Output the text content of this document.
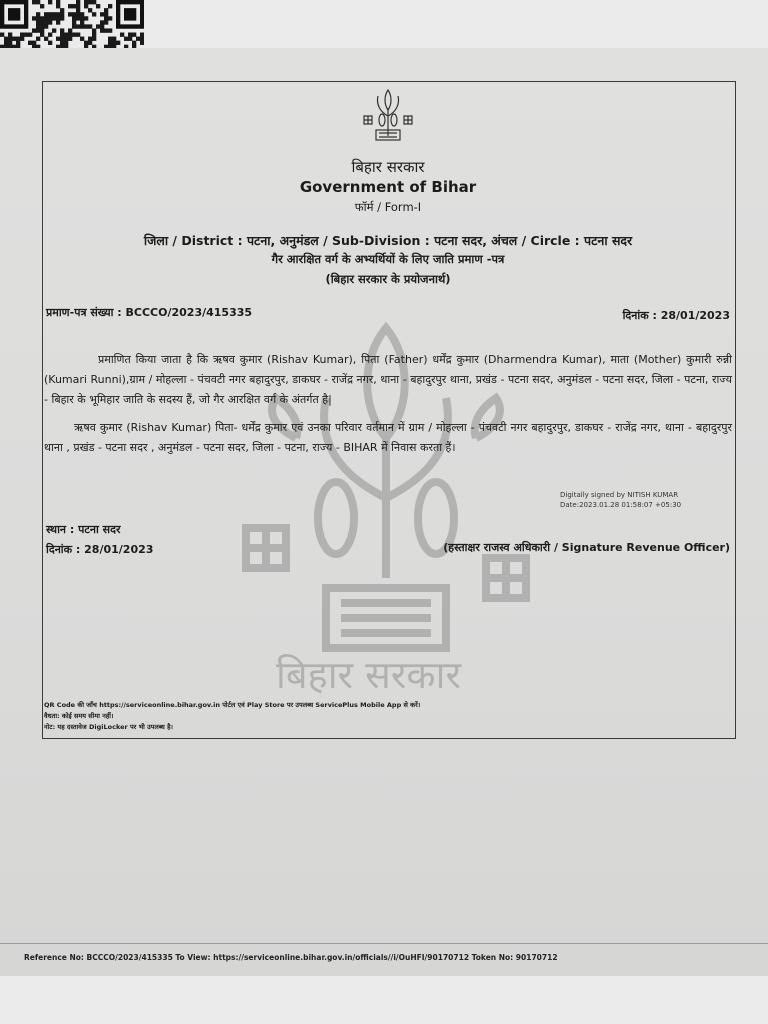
बिहार सरकार
बिहार सरकार
Government of Bihar
फॉर्म / Form-I
जिला / District : पटना, अनुमंडल / Sub-Division : पटना सदर, अंचल / Circle : पटना सदर
गैर आरक्षित वर्ग के अभ्यर्थियों के लिए जाति प्रमाण -पत्र
(बिहार सरकार के प्रयोजनार्थ)
प्रमाण-पत्र संख्या : BCCCO/2023/415335	दिनांक : 28/01/2023
प्रमाणित किया जाता है कि ऋषव कुमार (Rishav Kumar), पिता (Father) धर्मेंद्र कुमार (Dharmendra Kumar), माता (Mother) कुमारी रुन्नी (Kumari Runni),ग्राम / मोहल्ला - पंचवटी नगर बहादुरपुर, डाकघर - राजेंद्र नगर, थाना - बहादुरपुर थाना, प्रखंड - पटना सदर, अनुमंडल - पटना सदर, जिला - पटना, राज्य - बिहार के भूमिहार जाति के सदस्य हैं, जो गैर आरक्षित वर्ग के अंतर्गत है|
ऋषव कुमार (Rishav Kumar) पिता- धर्मेंद्र कुमार एवं उनका परिवार वर्तमान में ग्राम / मोहल्ला - पंचवटी नगर बहादुरपुर, डाकघर - राजेंद्र नगर, थाना - बहादुरपुर थाना , प्रखंड - पटना सदर , अनुमंडल - पटना सदर, जिला - पटना, राज्य - BIHAR में निवास करता हैं।
Digitally signed by NITISH KUMAR
Date:2023.01.28 01:58:07 +05:30
स्थान : पटना सदर
दिनांक : 28/01/2023	(हस्ताक्षर राजस्व अधिकारी / Signature Revenue Officer)
QR Code की जाँच https://serviceonline.bihar.gov.in पोर्टल एवं Play Store पर उपलब्ध ServicePlus Mobile App से करें।
वैधता: कोई समय सीमा नहीं।
नोट: यह दस्तावेज DigiLocker पर भी उपलब्ध है।
Reference No: BCCCO/2023/415335 To View: https://serviceonline.bihar.gov.in/officials//i/OuHFI/90170712 Token No: 90170712
